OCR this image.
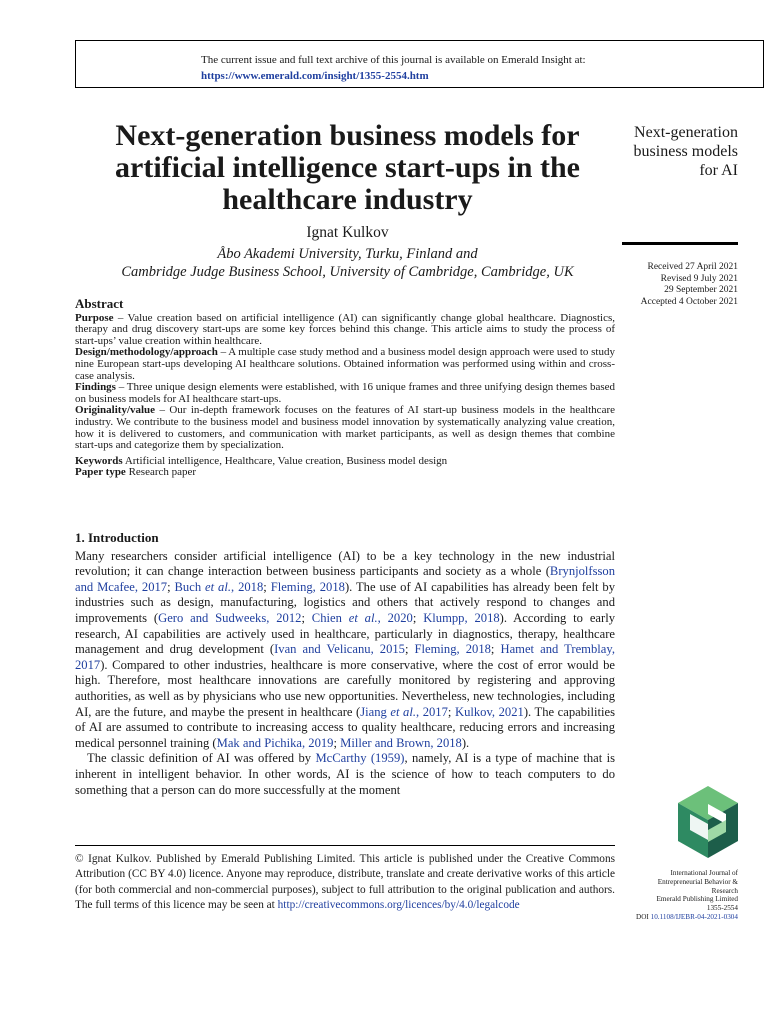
The current issue and full text archive of this journal is available on Emerald Insight at:
https://www.emerald.com/insight/1355-2554.htm
Next-generation business models for artificial intelligence start-ups in the healthcare industry
Ignat Kulkov
Åbo Akademi University, Turku, Finland and
Cambridge Judge Business School, University of Cambridge, Cambridge, UK
Next-generation business models for AI
Received 27 April 2021
Revised 9 July 2021
29 September 2021
Accepted 4 October 2021
Abstract

Purpose – Value creation based on artificial intelligence (AI) can significantly change global healthcare. Diagnostics, therapy and drug discovery start-ups are some key forces behind this change. This article aims to study the process of start-ups’ value creation within healthcare.

Design/methodology/approach – A multiple case study method and a business model design approach were used to study nine European start-ups developing AI healthcare solutions. Obtained information was performed using within and cross-case analysis.

Findings – Three unique design elements were established, with 16 unique frames and three unifying design themes based on business models for AI healthcare start-ups.

Originality/value – Our in-depth framework focuses on the features of AI start-up business models in the healthcare industry. We contribute to the business model and business model innovation by systematically analyzing value creation, how it is delivered to customers, and communication with market participants, as well as design themes that combine start-ups and categorize them by specialization.

Keywords Artificial intelligence, Healthcare, Value creation, Business model design

Paper type Research paper

1. Introduction

Many researchers consider artificial intelligence (AI) to be a key technology in the new industrial revolution; it can change interaction between business participants and society as a whole (Brynjolfsson and Mcafee, 2017; Buch et al., 2018; Fleming, 2018). The use of AI capabilities has already been felt by industries such as design, manufacturing, logistics and others that actively respond to changes and improvements (Gero and Sudweeks, 2012; Chien et al., 2020; Klumpp, 2018). According to early research, AI capabilities are actively used in healthcare, particularly in diagnostics, therapy, healthcare management and drug development (Ivan and Velicanu, 2015; Fleming, 2018; Hamet and Tremblay, 2017). Compared to other industries, healthcare is more conservative, where the cost of error would be high. Therefore, most healthcare innovations are carefully monitored by registering and approving authorities, as well as by physicians who use new opportunities. Nevertheless, new technologies, including AI, are the future, and maybe the present in healthcare (Jiang et al., 2017; Kulkov, 2021). The capabilities of AI are assumed to contribute to increasing access to quality healthcare, reducing errors and increasing medical personnel training (Mak and Pichika, 2019; Miller and Brown, 2018).

The classic definition of AI was offered by McCarthy (1959), namely, AI is a type of machine that is inherent in intelligent behavior. In other words, AI is the science of how to teach computers to do something that a person can do more successfully at the moment

© Ignat Kulkov. Published by Emerald Publishing Limited. This article is published under the Creative Commons Attribution (CC BY 4.0) licence. Anyone may reproduce, distribute, translate and create derivative works of this article (for both commercial and non-commercial purposes), subject to full attribution to the original publication and authors. The full terms of this licence may be seen at http://creativecommons.org/licences/by/4.0/legalcode
International Journal of
Entrepreneurial Behavior &
Research
Emerald Publishing Limited
1355-2554
DOI 10.1108/IJEBR-04-2021-0304
